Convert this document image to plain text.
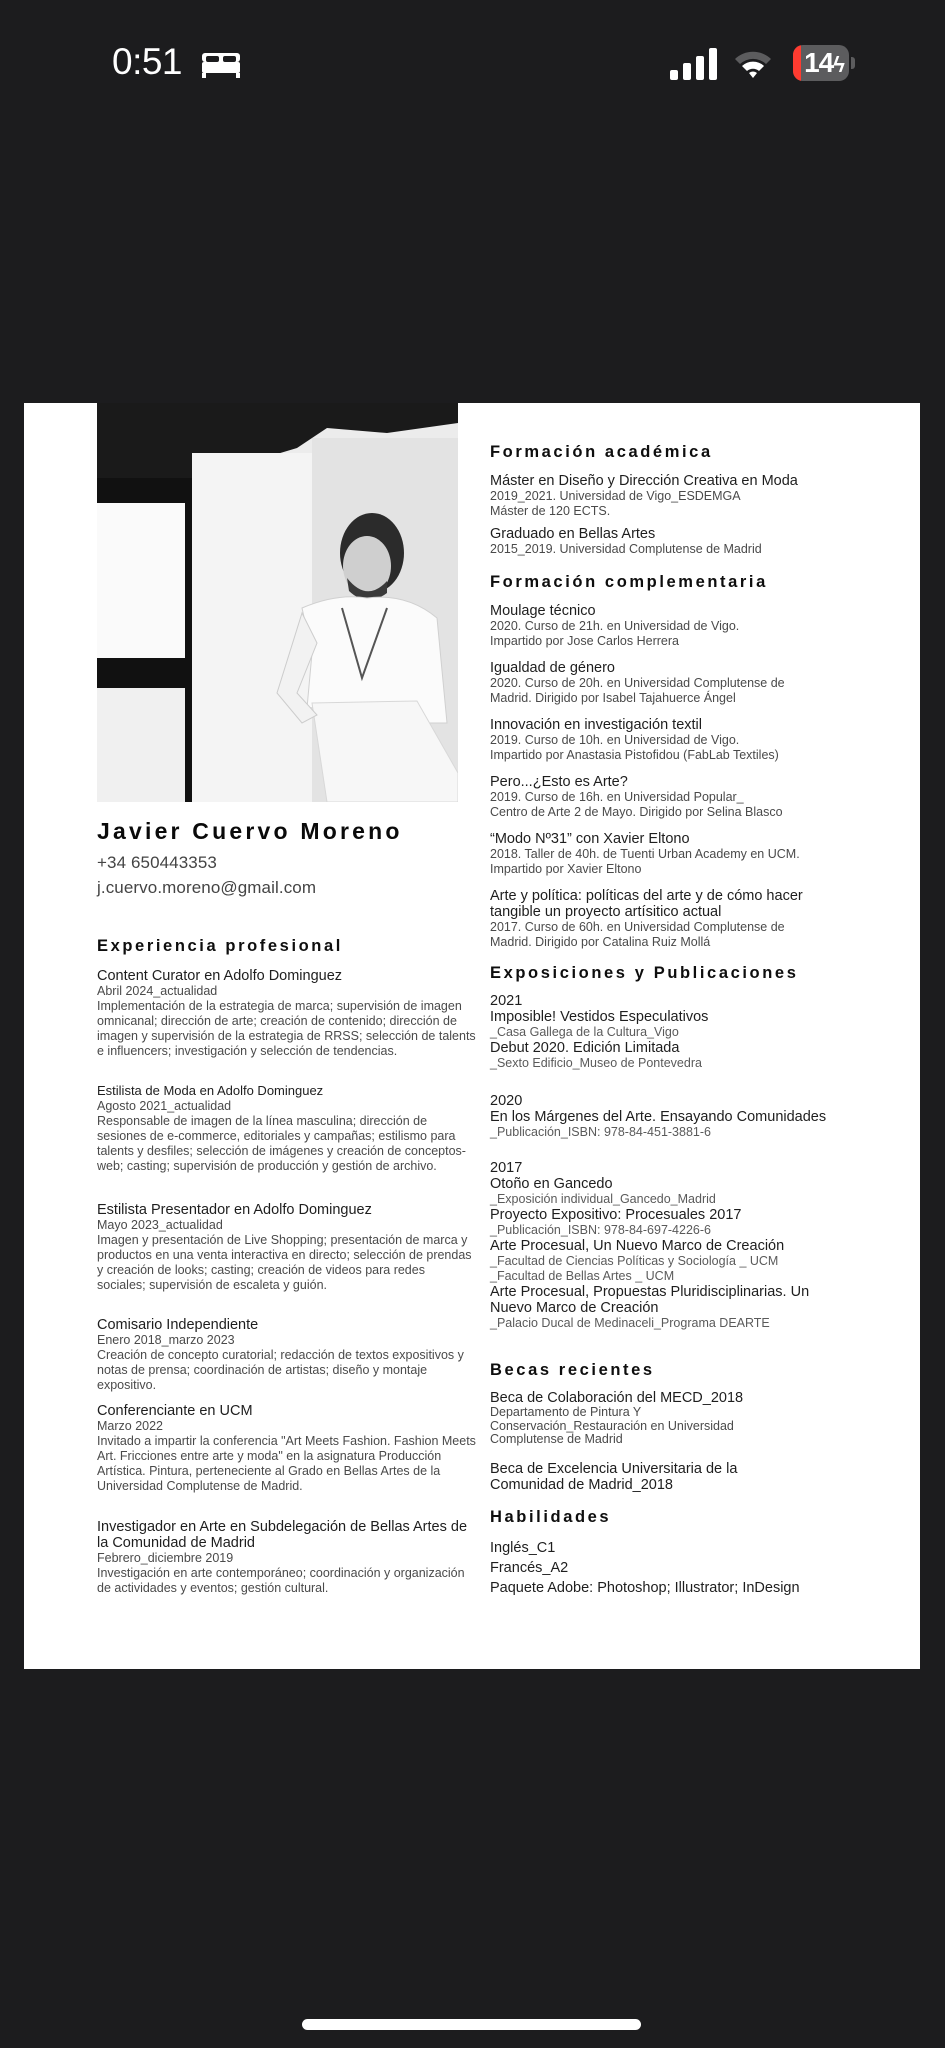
0:51	14ϟ
Javier Cuervo Moreno
+34 650443353
j.cuervo.moreno@gmail.com
Experiencia profesional
Content Curator en Adolfo Dominguez
Abril 2024_actualidad
Implementación de la estrategia de marca; supervisión de imagen omnicanal; dirección de arte; creación de contenido; dirección de imagen y supervisión de la estrategia de RRSS; selección de talents e influencers; investigación y selección de tendencias.
Estilista de Moda en Adolfo Dominguez
Agosto 2021_actualidad
Responsable de imagen de la línea masculina; dirección de sesiones de e-commerce, editoriales y campañas; estilismo para talents y desfiles; selección de imágenes y creación de conceptos-web; casting; supervisión de producción y gestión de archivo.
Estilista Presentador en Adolfo Dominguez
Mayo 2023_actualidad
Imagen y presentación de Live Shopping; presentación de marca y productos en una venta interactiva en directo; selección de prendas y creación de looks; casting; creación de videos para redes sociales; supervisión de escaleta y guión.
Comisario Independiente
Enero 2018_marzo 2023
Creación de concepto curatorial; redacción de textos expositivos y notas de prensa; coordinación de artistas; diseño y montaje expositivo.
Conferenciante en UCM
Marzo 2022
Invitado a impartir la conferencia "Art Meets Fashion. Fashion Meets Art. Fricciones entre arte y moda" en la asignatura Producción Artística. Pintura, perteneciente al Grado en Bellas Artes de la Universidad Complutense de Madrid.
Investigador en Arte en Subdelegación de Bellas Artes de la Comunidad de Madrid
Febrero_diciembre 2019
Investigación en arte contemporáneo; coordinación y organización de actividades y eventos; gestión cultural.
Formación académica
Máster en Diseño y Dirección Creativa en Moda
2019_2021. Universidad de Vigo_ESDEMGA
Máster de 120 ECTS.
Graduado en Bellas Artes
2015_2019. Universidad Complutense de Madrid
Formación complementaria
Moulage técnico
2020. Curso de 21h. en Universidad de Vigo.
Impartido por Jose Carlos Herrera
Igualdad de género
2020. Curso de 20h. en Universidad Complutense de
Madrid. Dirigido por Isabel Tajahuerce Ángel
Innovación en investigación textil
2019. Curso de 10h. en Universidad de Vigo.
Impartido por Anastasia Pistofidou (FabLab Textiles)
Pero...¿Esto es Arte?
2019. Curso de 16h. en Universidad Popular_
Centro de Arte 2 de Mayo. Dirigido por Selina Blasco
“Modo Nº31” con Xavier Eltono
2018. Taller de 40h. de Tuenti Urban Academy en UCM.
Impartido por Xavier Eltono
Arte y política: políticas del arte y de cómo hacer tangible un proyecto artísitico actual
2017. Curso de 60h. en Universidad Complutense de
Madrid. Dirigido por Catalina Ruiz Mollá
Exposiciones y Publicaciones
2021
Imposible! Vestidos Especulativos
_Casa Gallega de la Cultura_Vigo
Debut 2020. Edición Limitada
_Sexto Edificio_Museo de Pontevedra
2020
En los Márgenes del Arte. Ensayando Comunidades
_Publicación_ISBN: 978-84-451-3881-6
2017
Otoño en Gancedo
_Exposición individual_Gancedo_Madrid
Proyecto Expositivo: Procesuales 2017
_Publicación_ISBN: 978-84-697-4226-6
Arte Procesual, Un Nuevo Marco de Creación
_Facultad de Ciencias Políticas y Sociología _ UCM
_Facultad de Bellas Artes _ UCM
Arte Procesual, Propuestas Pluridisciplinarias. Un Nuevo Marco de Creación
_Palacio Ducal de Medinaceli_Programa DEARTE
Becas recientes
Beca de Colaboración del MECD_2018
Departamento de Pintura Y Conservación_Restauración en Universidad Complutense de Madrid
Beca de Excelencia Universitaria de la Comunidad de Madrid_2018
Habilidades
Inglés_C1
Francés_A2
Paquete Adobe: Photoshop; Illustrator; InDesign
